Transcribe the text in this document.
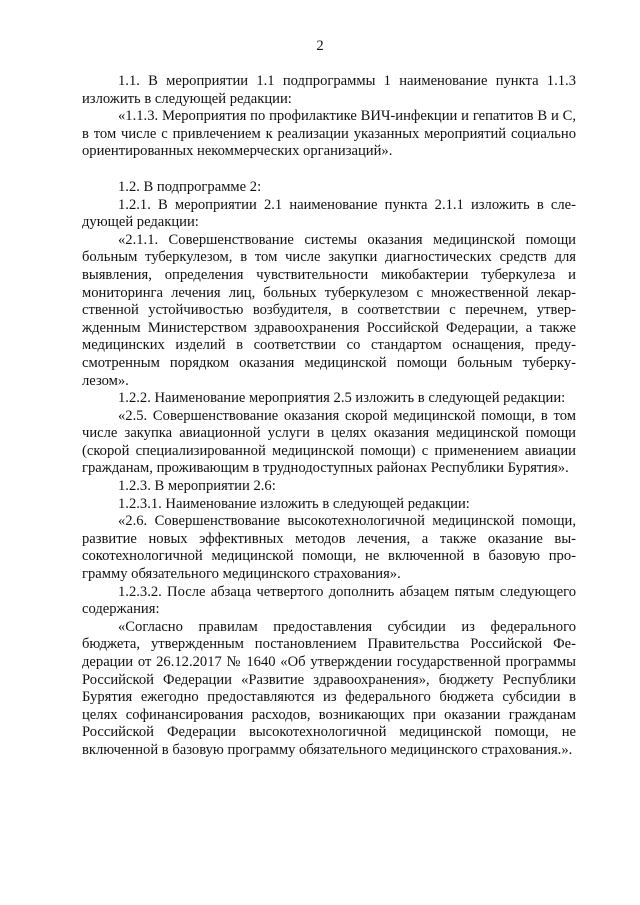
2

1.1. В мероприятии 1.1 подпрограммы 1 наименование пункта 1.1.3 изложить в следующей редакции:

«1.1.3. Мероприятия по профилактике ВИЧ-инфекции и гепатитов В и С, в том числе с привлечением к реализации указанных мероприятий социально ориентированных некоммерческих организаций».

1.2. В подпрограмме 2:

1.2.1. В мероприятии 2.1 наименование пункта 2.1.1 изложить в следующей редакции:

«2.1.1. Совершенствование системы оказания медицинской помощи больным туберкулезом, в том числе закупки диагностических средств для выявления, определения чувствительности микобактерии туберкулеза и мониторинга лечения лиц, больных туберкулезом с множественной лекарственной устойчивостью возбудителя, в соответствии с перечнем, утвержденным Министерством здравоохранения Российской Федерации, а также медицинских изделий в соответствии со стандартом оснащения, предусмотренным порядком оказания медицинской помощи больным туберкулезом».

1.2.2. Наименование мероприятия 2.5 изложить в следующей редакции:

«2.5. Совершенствование оказания скорой медицинской помощи, в том числе закупка авиационной услуги в целях оказания медицинской помощи (скорой специализированной медицинской помощи) с применением авиации гражданам, проживающим в труднодоступных районах Республики Бурятия».

1.2.3. В мероприятии 2.6:

1.2.3.1. Наименование изложить в следующей редакции:

«2.6. Совершенствование высокотехнологичной медицинской помощи, развитие новых эффективных методов лечения, а также оказание высокотехнологичной медицинской помощи, не включенной в базовую программу обязательного медицинского страхования».

1.2.3.2. После абзаца четвертого дополнить абзацем пятым следующего содержания:

«Согласно правилам предоставления субсидии из федерального бюджета, утвержденным постановлением Правительства Российской Федерации от 26.12.2017 № 1640 «Об утверждении государственной программы Российской Федерации «Развитие здравоохранения», бюджету Республики Бурятия ежегодно предоставляются из федерального бюджета субсидии в целях софинансирования расходов, возникающих при оказании гражданам Российской Федерации высокотехнологичной медицинской помощи, не включенной в базовую программу обязательного медицинского страхования.».
